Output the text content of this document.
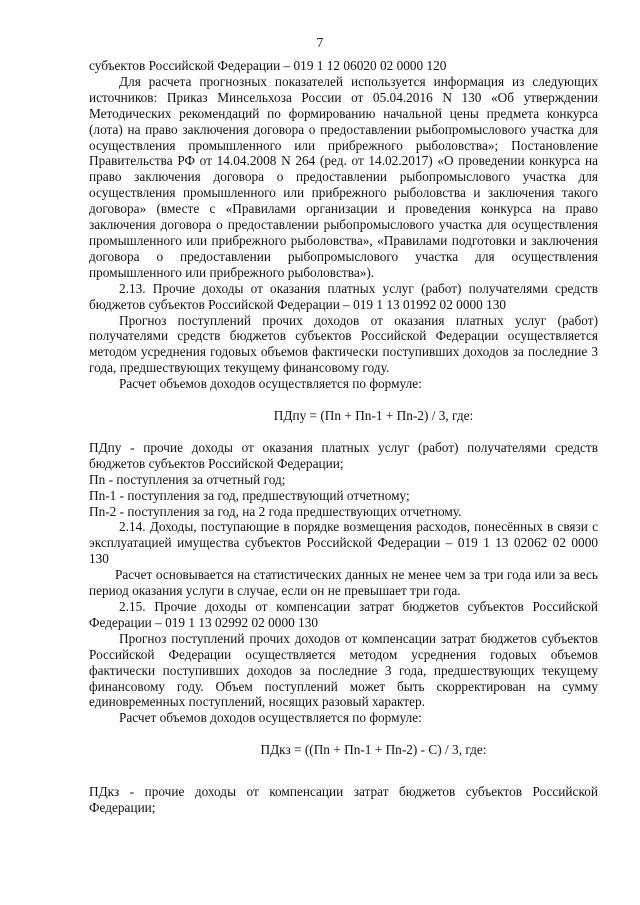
7

субъектов Российской Федерации – 019 1 12 06020 02 0000 120

Для расчета прогнозных показателей используется информация из следующих источников: Приказ Минсельхоза России от 05.04.2016 N 130 «Об утверждении Методических рекомендаций по формированию начальной цены предмета конкурса (лота) на право заключения договора о предоставлении рыбопромыслового участка для осуществления промышленного или прибрежного рыболовства»; Постановление Правительства РФ от 14.04.2008 N 264 (ред. от 14.02.2017) «О проведении конкурса на право заключения договора о предоставлении рыбопромыслового участка для осуществления промышленного или прибрежного рыболовства и заключения такого договора» (вместе с «Правилами организации и проведения конкурса на право заключения договора о предоставлении рыбопромыслового участка для осуществления промышленного или прибрежного рыболовства», «Правилами подготовки и заключения договора о предоставлении рыбопромыслового участка для осуществления промышленного или прибрежного рыболовства»).

2.13. Прочие доходы от оказания платных услуг (работ) получателями средств бюджетов субъектов Российской Федерации – 019 1 13 01992 02 0000 130

Прогноз поступлений прочих доходов от оказания платных услуг (работ) получателями средств бюджетов субъектов Российской Федерации осуществляется методом усреднения годовых объемов фактически поступивших доходов за последние 3 года, предшествующих текущему финансовому году.

Расчет объемов доходов осуществляется по формуле:

ПДпу = (Пn + Пn-1 + Пn-2) / 3, где:

ПДпу - прочие доходы от оказания платных услуг (работ) получателями средств бюджетов субъектов Российской Федерации;

Пn - поступления за отчетный год;

Пn-1 - поступления за год, предшествующий отчетному;

Пn-2 - поступления за год, на 2 года предшествующих отчетному.

2.14. Доходы, поступающие в порядке возмещения расходов, понесённых в связи с эксплуатацией имущества субъектов Российской Федерации – 019 1 13 02062 02 0000 130

Расчет основывается на статистических данных не менее чем за три года или за весь период оказания услуги в случае, если он не превышает три года.

2.15. Прочие доходы от компенсации затрат бюджетов субъектов Российской Федерации – 019 1 13 02992 02 0000 130

Прогноз поступлений прочих доходов от компенсации затрат бюджетов субъектов Российской Федерации осуществляется методом усреднения годовых объемов фактически поступивших доходов за последние 3 года, предшествующих текущему финансовому году. Объем поступлений может быть скорректирован на сумму единовременных поступлений, носящих разовый характер.

Расчет объемов доходов осуществляется по формуле:

ПДкз = ((Пn + Пn-1 + Пn-2) - С) / 3, где:

ПДкз - прочие доходы от компенсации затрат бюджетов субъектов Российской Федерации;
